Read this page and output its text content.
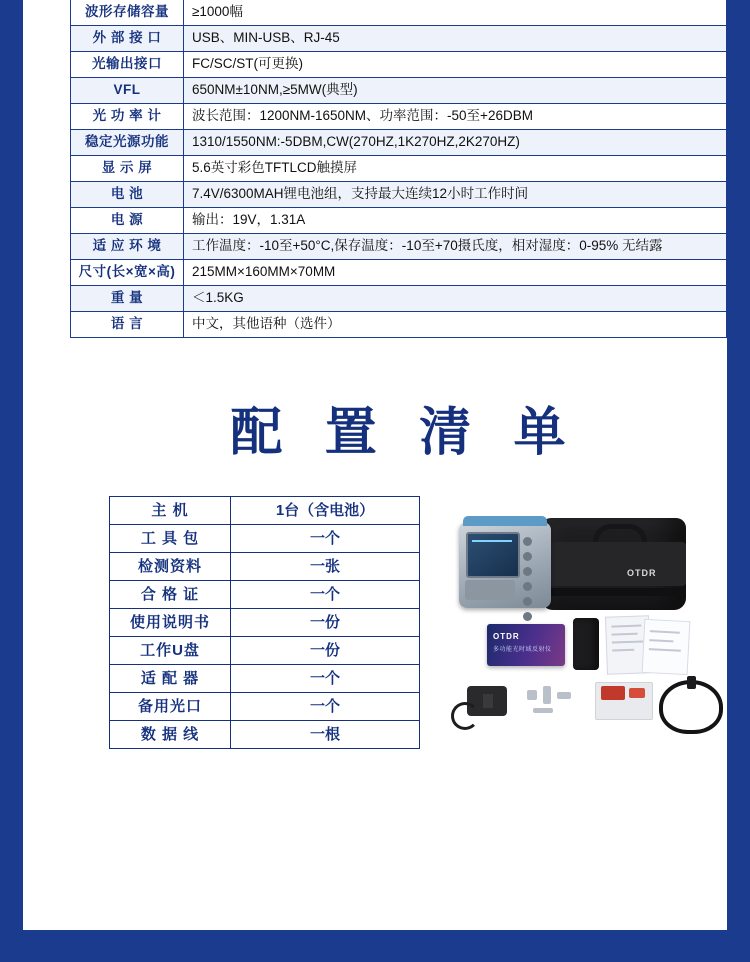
波形存储容量	≥1000幅
外 部 接 口	USB、MIN-USB、RJ-45
光输出接口	FC/SC/ST(可更换)
VFL	650NM±10NM,≥5MW(典型)
光 功 率 计	波长范围：1200NM-1650NM、功率范围：-50至+26DBM
稳定光源功能	1310/1550NM:-5DBM,CW(270HZ,1K270HZ,2K270HZ)
显 示 屏	5.6英寸彩色TFTLCD触摸屏
电 池	7.4V/6300MAH锂电池组，支持最大连续12小时工作时间
电 源	输出：19V，1.31A
适 应 环 境	工作温度：-10至+50°C,保存温度：-10至+70摄氏度，相对湿度：0-95% 无结露
尺寸(长×宽×高)	215MM×160MM×70MM
重 量	＜1.5KG
语 言	中文，其他语种（选件）
配 置 清 单
主 机	1台（含电池）
工 具 包	一个
检测资料	一张
合 格 证	一个
使用说明书	一份
工作U盘	一份
适 配 器	一个
备用光口	一个
数 据 线	一根
OTDR
OTDR
多功能光时域反射仪
